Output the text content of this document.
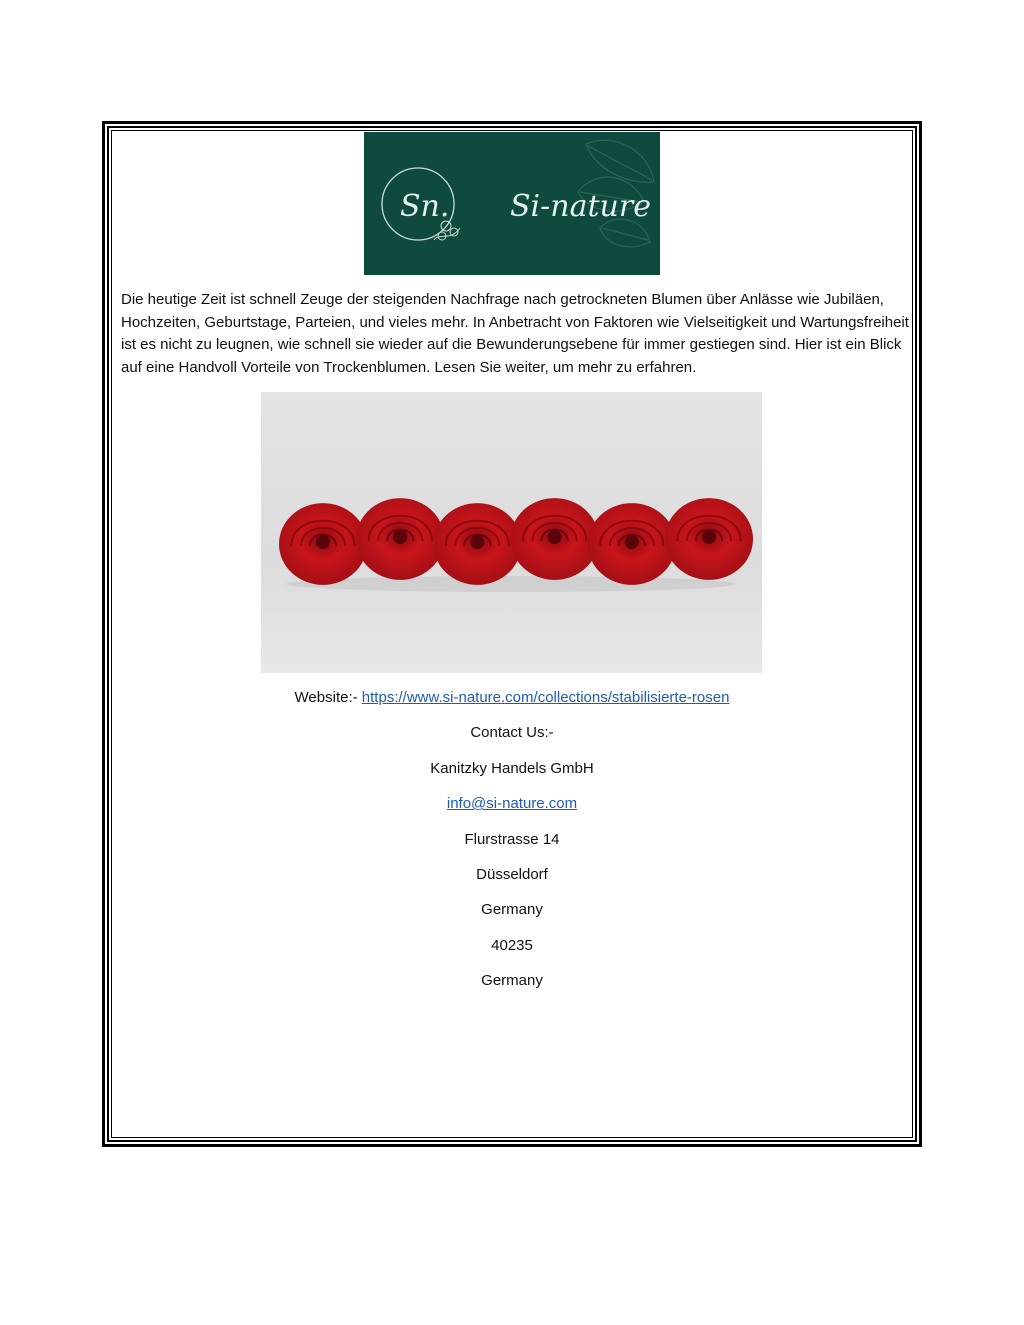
Sn. Si-nature

Die heutige Zeit ist schnell Zeuge der steigenden Nachfrage nach getrockneten Blumen über Anlässe wie Jubiläen, Hochzeiten, Geburtstage, Parteien, und vieles mehr. In Anbetracht von Faktoren wie Vielseitigkeit und Wartungsfreiheit ist es nicht zu leugnen, wie schnell sie wieder auf die Bewunderungsebene für immer gestiegen sind. Hier ist ein Blick auf eine Handvoll Vorteile von Trockenblumen. Lesen Sie weiter, um mehr zu erfahren.

Website:- https://www.si-nature.com/collections/stabilisierte-rosen
Contact Us:-
Kanitzky Handels GmbH
info@si-nature.com
Flurstrasse 14
Düsseldorf
Germany
40235
Germany
